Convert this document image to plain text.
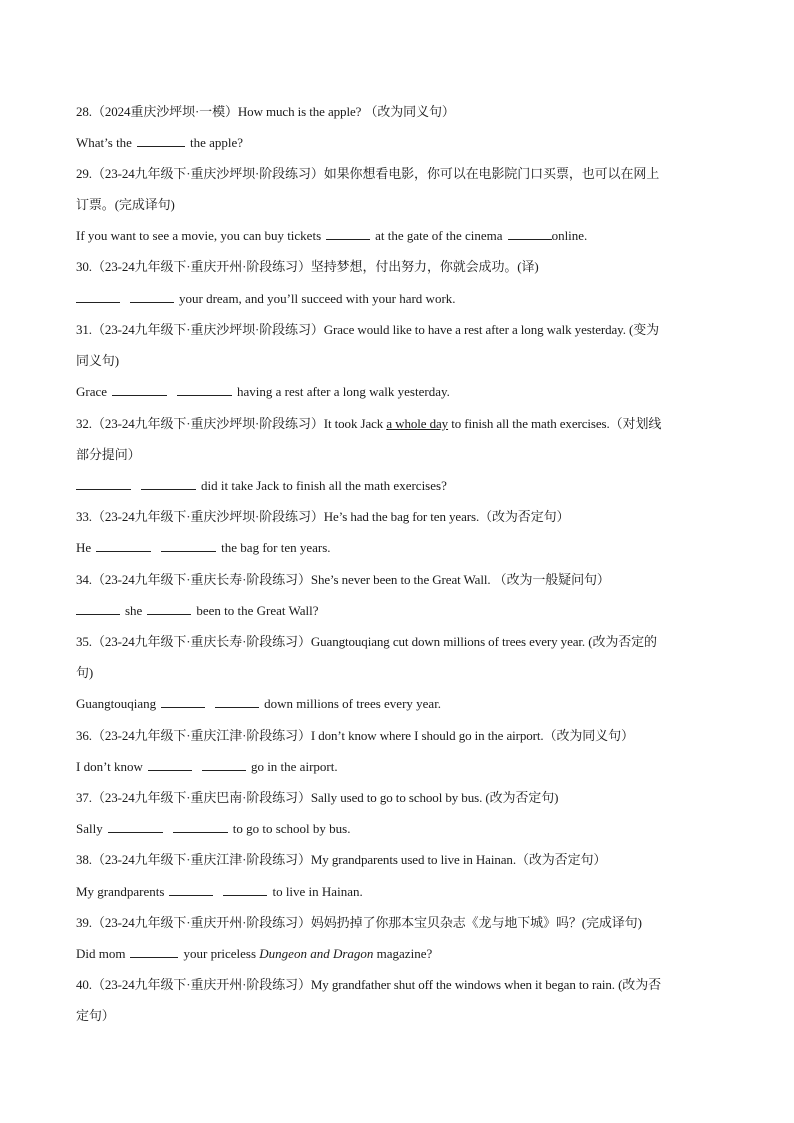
28.（2024重庆沙坪坝·一模）How much is the apple? （改为同义句）
What’s the	the apple?
29.（23-24九年级下·重庆沙坪坝·阶段练习）如果你想看电影，你可以在电影院门口买票，也可以在网上
订票。(完成译句)
If you want to see a movie, you can buy tickets	at the gate of the cinema	online.
30.（23-24九年级下·重庆开州·阶段练习）坚持梦想，付出努力，你就会成功。(译)
your dream, and you’ll succeed with your hard work.
31.（23-24九年级下·重庆沙坪坝·阶段练习）Grace would like to have a rest after a long walk yesterday. (变为
同义句)
Grace	having a rest after a long walk yesterday.
32.（23-24九年级下·重庆沙坪坝·阶段练习）It took Jack a whole day to finish all the math exercises.（对划线
部分提问）
did it take Jack to finish all the math exercises?
33.（23-24九年级下·重庆沙坪坝·阶段练习）He’s had the bag for ten years.（改为否定句）
He	the bag for ten years.
34.（23-24九年级下·重庆长寿·阶段练习）She’s never been to the Great Wall. （改为一般疑问句）
she	been to the Great Wall?
35.（23-24九年级下·重庆长寿·阶段练习）Guangtouqiang cut down millions of trees every year. (改为否定的
句)
Guangtouqiang	down millions of trees every year.
36.（23-24九年级下·重庆江津·阶段练习）I don’t know where I should go in the airport.（改为同义句）
I don’t know	go in the airport.
37.（23-24九年级下·重庆巴南·阶段练习）Sally used to go to school by bus. (改为否定句)
Sally	to go to school by bus.
38.（23-24九年级下·重庆江津·阶段练习）My grandparents used to live in Hainan.（改为否定句）
My grandparents	to live in Hainan.
39.（23-24九年级下·重庆开州·阶段练习）妈妈扔掉了你那本宝贝杂志《龙与地下城》吗？(完成译句)
Did mom	your priceless Dungeon and Dragon magazine?
40.（23-24九年级下·重庆开州·阶段练习）My grandfather shut off the windows when it began to rain. (改为否
定句）
